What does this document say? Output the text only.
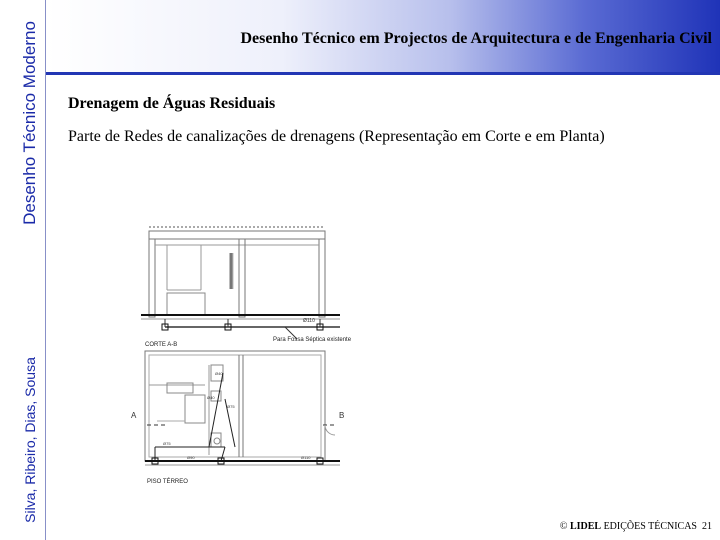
Desenho Técnico Moderno
Silva, Ribeiro, Dias, Sousa
Desenho Técnico em Projectos de Arquitectura e de Engenharia Civil
Drenagem de Águas Residuais
Parte de Redes de canalizações de drenagens (Representação em Corte e em Planta)
Ø110
Para Fossa Séptica existente
CORTE A-B
A	B
Ø40
Ø40
Ø75
Ø75
Ø90	Ø110
PISO TÉRREO
© LIDEL EDIÇÕES TÉCNICAS 21
